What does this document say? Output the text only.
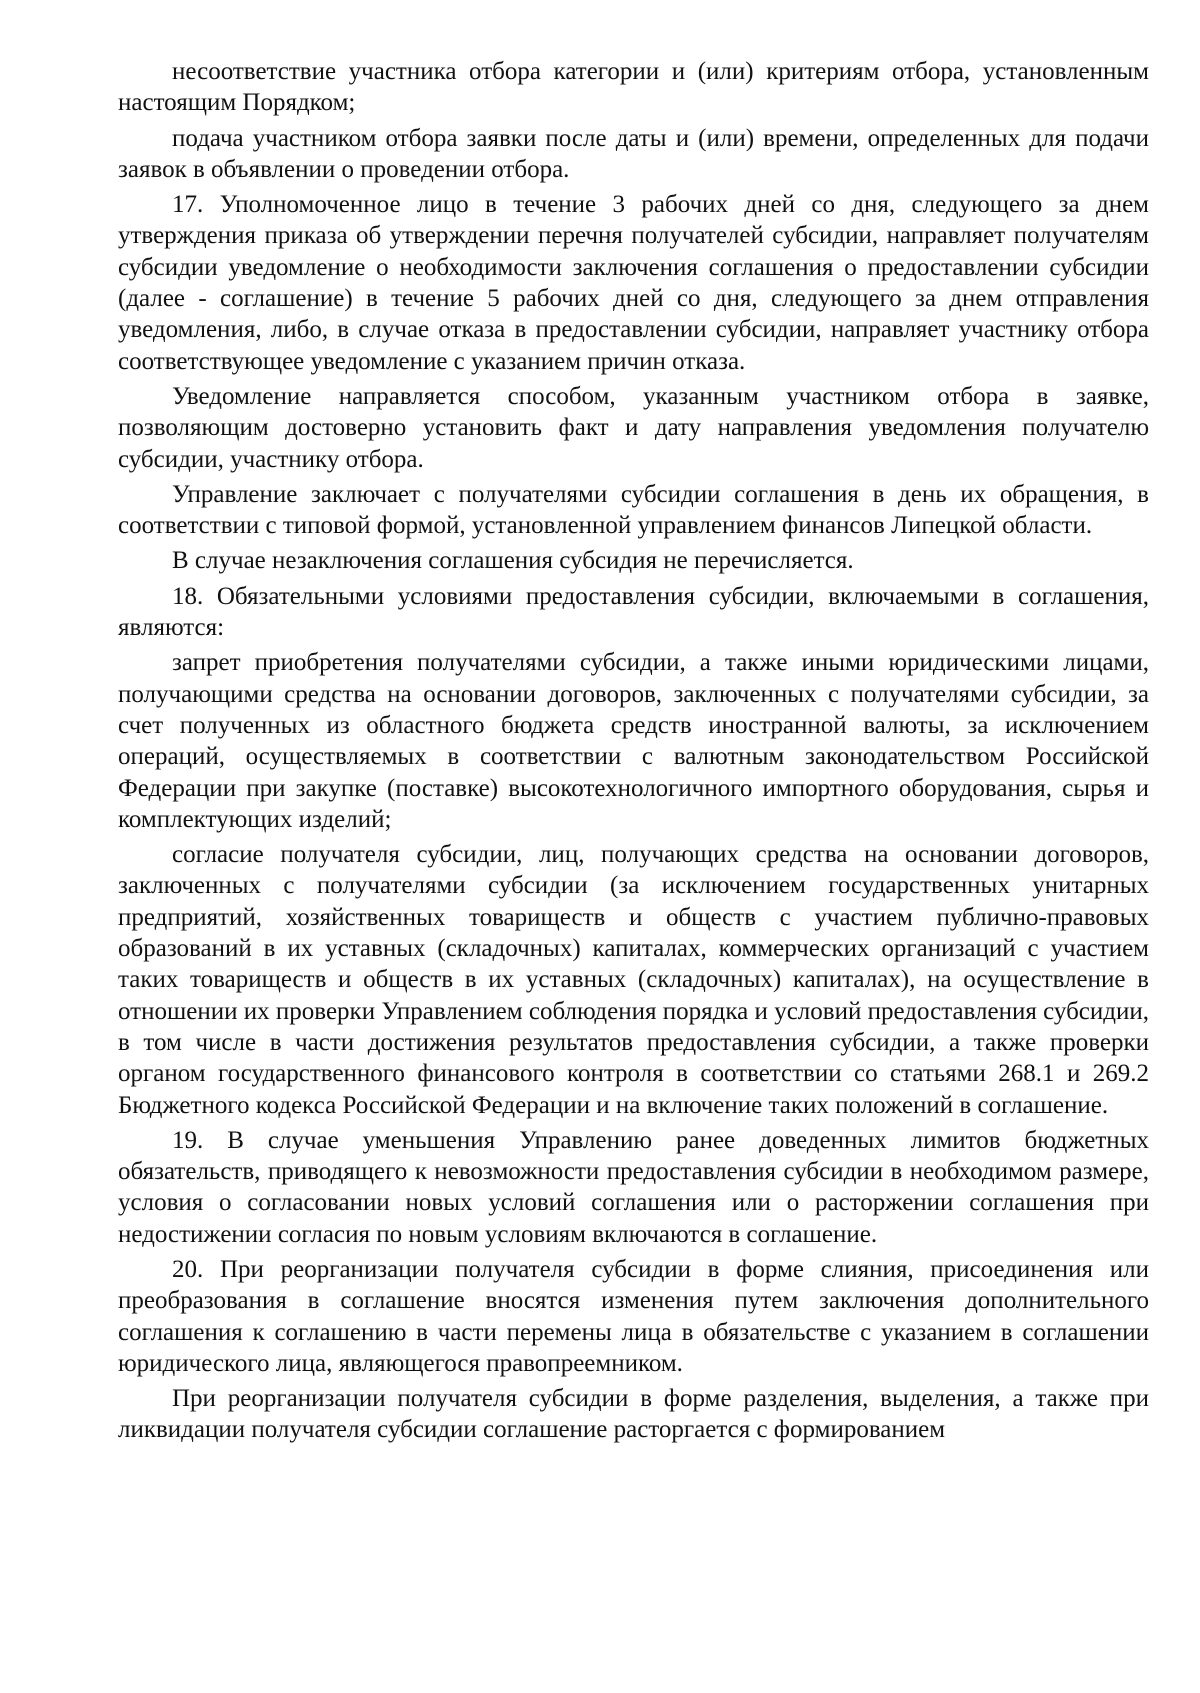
несоответствие участника отбора категории и (или) критериям отбора, установленным настоящим Порядком;

подача участником отбора заявки после даты и (или) времени, определенных для подачи заявок в объявлении о проведении отбора.

17. Уполномоченное лицо в течение 3 рабочих дней со дня, следующего за днем утверждения приказа об утверждении перечня получателей субсидии, направляет получателям субсидии уведомление о необходимости заключения соглашения о предоставлении субсидии (далее - соглашение) в течение 5 рабочих дней со дня, следующего за днем отправления уведомления, либо, в случае отказа в предоставлении субсидии, направляет участнику отбора соответствующее уведомление с указанием причин отказа.

Уведомление направляется способом, указанным участником отбора в заявке, позволяющим достоверно установить факт и дату направления уведомления получателю субсидии, участнику отбора.

Управление заключает с получателями субсидии соглашения в день их обращения, в соответствии с типовой формой, установленной управлением финансов Липецкой области.

В случае незаключения соглашения субсидия не перечисляется.

18. Обязательными условиями предоставления субсидии, включаемыми в соглашения, являются:

запрет приобретения получателями субсидии, а также иными юридическими лицами, получающими средства на основании договоров, заключенных с получателями субсидии, за счет полученных из областного бюджета средств иностранной валюты, за исключением операций, осуществляемых в соответствии с валютным законодательством Российской Федерации при закупке (поставке) высокотехнологичного импортного оборудования, сырья и комплектующих изделий;

согласие получателя субсидии, лиц, получающих средства на основании договоров, заключенных с получателями субсидии (за исключением государственных унитарных предприятий, хозяйственных товариществ и обществ с участием публично-правовых образований в их уставных (складочных) капиталах, коммерческих организаций с участием таких товариществ и обществ в их уставных (складочных) капиталах), на осуществление в отношении их проверки Управлением соблюдения порядка и условий предоставления субсидии, в том числе в части достижения результатов предоставления субсидии, а также проверки органом государственного финансового контроля в соответствии со статьями 268.1 и 269.2 Бюджетного кодекса Российской Федерации и на включение таких положений в соглашение.

19. В случае уменьшения Управлению ранее доведенных лимитов бюджетных обязательств, приводящего к невозможности предоставления субсидии в необходимом размере, условия о согласовании новых условий соглашения или о расторжении соглашения при недостижении согласия по новым условиям включаются в соглашение.

20. При реорганизации получателя субсидии в форме слияния, присоединения или преобразования в соглашение вносятся изменения путем заключения дополнительного соглашения к соглашению в части перемены лица в обязательстве с указанием в соглашении юридического лица, являющегося правопреемником.

При реорганизации получателя субсидии в форме разделения, выделения, а также при ликвидации получателя субсидии соглашение расторгается с формированием
